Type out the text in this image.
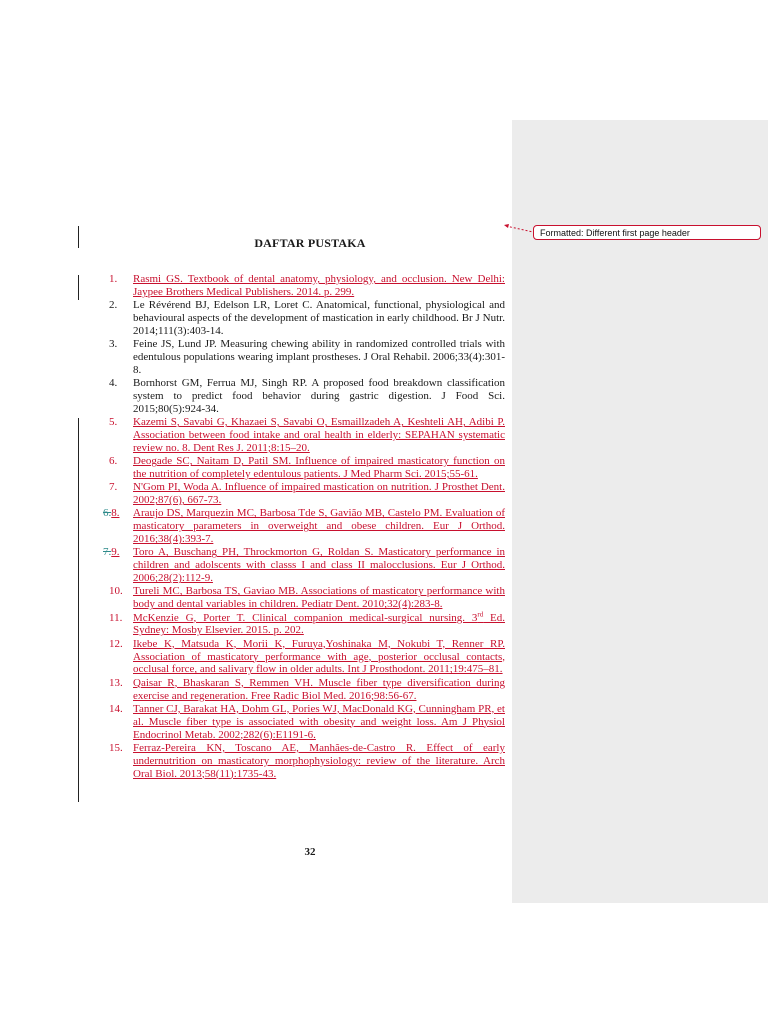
DAFTAR PUSTAKA
1. Rasmi GS. Textbook of dental anatomy, physiology, and occlusion. New Delhi: Jaypee Brothers Medical Publishers. 2014. p. 299.
2. Le Révérend BJ, Edelson LR, Loret C. Anatomical, functional, physiological and behavioural aspects of the development of mastication in early childhood. Br J Nutr. 2014;111(3):403-14.
3. Feine JS, Lund JP. Measuring chewing ability in randomized controlled trials with edentulous populations wearing implant prostheses. J Oral Rehabil. 2006;33(4):301-8.
4. Bornhorst GM, Ferrua MJ, Singh RP. A proposed food breakdown classification system to predict food behavior during gastric digestion. J Food Sci. 2015;80(5):924-34.
5. Kazemi S, Savabi G, Khazaei S, Savabi O, Esmaillzadeh A, Keshteli AH, Adibi P. Association between food intake and oral health in elderly: SEPAHAN systematic review no. 8. Dent Res J. 2011;8:15–20.
6. Deogade SC, Naitam D, Patil SM. Influence of impaired masticatory function on the nutrition of completely edentulous patients. J Med Pharm Sci. 2015;55-61.
7. N'Gom PI, Woda A. Influence of impaired mastication on nutrition. J Prosthet Dent. 2002;87(6), 667-73.
6.8. Araujo DS, Marquezin MC, Barbosa Tde S, Gavião MB, Castelo PM. Evaluation of masticatory parameters in overweight and obese children. Eur J Orthod. 2016;38(4):393-7.
7.9. Toro A, Buschang PH, Throckmorton G, Roldan S. Masticatory performance in children and adolscents with classs I and class II malocclusions. Eur J Orthod. 2006;28(2):112-9.
10. Tureli MC, Barbosa TS, Gaviao MB. Associations of masticatory performance with body and dental variables in children. Pediatr Dent. 2010;32(4):283-8.
11. McKenzie G, Porter T. Clinical companion medical-surgical nursing. 3rd Ed. Sydney: Mosby Elsevier. 2015. p. 202.
12. Ikebe K, Matsuda K, Morii K, Furuya,Yoshinaka M, Nokubi T, Renner RP. Association of masticatory performance with age, posterior occlusal contacts, occlusal force, and salivary flow in older adults. Int J Prosthodont. 2011;19:475–81.
13. Qaisar R, Bhaskaran S, Remmen VH. Muscle fiber type diversification during exercise and regeneration. Free Radic Biol Med. 2016;98:56-67.
14. Tanner CJ, Barakat HA, Dohm GL, Pories WJ, MacDonald KG, Cunningham PR, et al. Muscle fiber type is associated with obesity and weight loss. Am J Physiol Endocrinol Metab. 2002;282(6):E1191-6.
15. Ferraz-Pereira KN, Toscano AE, Manhães-de-Castro R. Effect of early undernutrition on masticatory morphophysiology: review of the literature. Arch Oral Biol. 2013;58(11):1735-43.
32
Formatted: Different first page header
